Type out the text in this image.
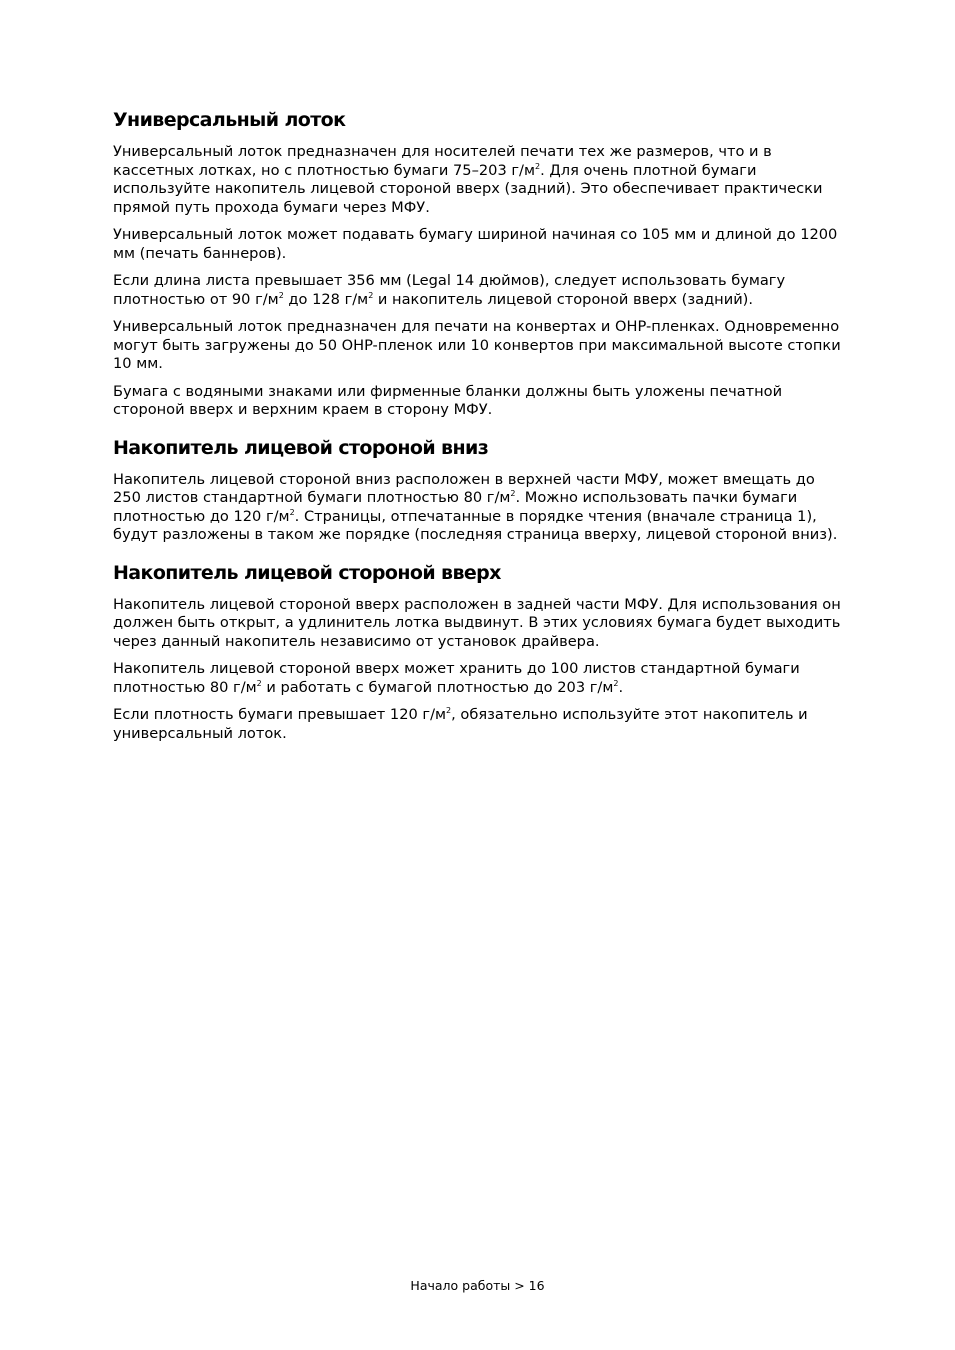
Универсальный лоток

Универсальный лоток предназначен для носителей печати тех же размеров, что и в кассетных лотках, но с плотностью бумаги 75–203 $г/м^2$. Для очень плотной бумаги используйте накопитель лицевой стороной вверх (задний). Это обеспечивает практически прямой путь прохода бумаги через МФУ.

Универсальный лоток может подавать бумагу шириной начиная со 105 мм и длиной до 1200 мм (печать баннеров).

Если длина листа превышает 356 мм (Legal 14 дюймов), следует использовать бумагу плотностью от 90 $г/м^2$ до 128 $г/м^2$ и накопитель лицевой стороной вверх (задний).

Универсальный лоток предназначен для печати на конвертах и OHP-пленках. Одновременно могут быть загружены до 50 OHP-пленок или 10 конвертов при максимальной высоте стопки 10 мм.

Бумага с водяными знаками или фирменные бланки должны быть уложены печатной стороной вверх и верхним краем в сторону МФУ.

Накопитель лицевой стороной вниз

Накопитель лицевой стороной вниз расположен в верхней части МФУ, может вмещать до 250 листов стандартной бумаги плотностью 80 $г/м^2$. Можно использовать пачки бумаги плотностью до 120 $г/м^2$. Страницы, отпечатанные в порядке чтения (вначале страница 1), будут разложены в таком же порядке (последняя страница вверху, лицевой стороной вниз).

Накопитель лицевой стороной вверх

Накопитель лицевой стороной вверх расположен в задней части МФУ. Для использования он должен быть открыт, а удлинитель лотка выдвинут. В этих условиях бумага будет выходить через данный накопитель независимо от установок драйвера.

Накопитель лицевой стороной вверх может хранить до 100 листов стандартной бумаги плотностью 80 $г/м^2$ и работать с бумагой плотностью до 203 $г/м^2$.

Если плотность бумаги превышает 120 $г/м^2$, обязательно используйте этот накопитель и универсальный лоток.

Начало работы > 16
